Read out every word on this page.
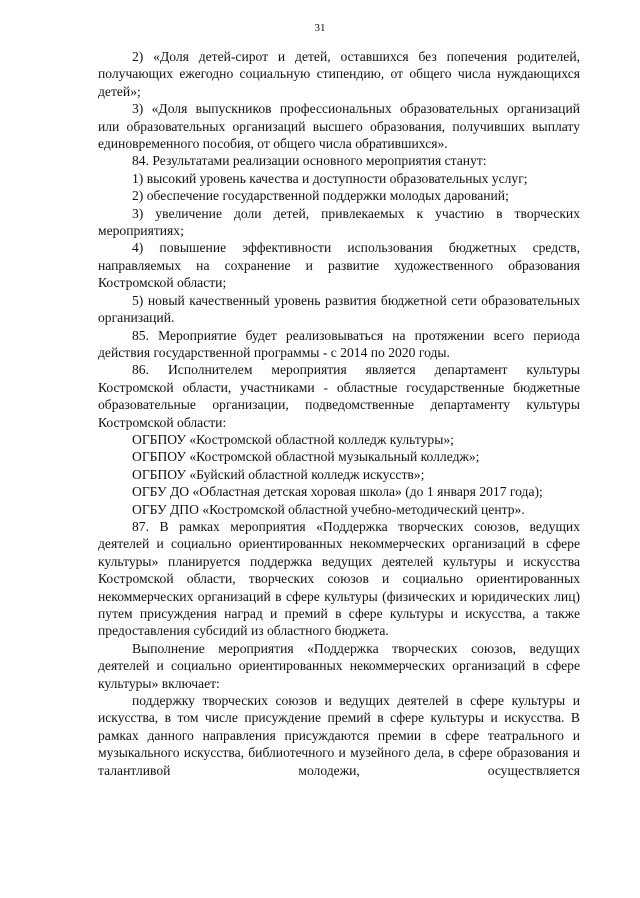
31

2) «Доля детей-сирот и детей, оставшихся без попечения родителей, получающих ежегодно социальную стипендию, от общего числа нуждающихся детей»;

3) «Доля выпускников профессиональных образовательных организаций или образовательных организаций высшего образования, получивших выплату единовременного пособия, от общего числа обратившихся».

84. Результатами реализации основного мероприятия станут:

1) высокий уровень качества и доступности образовательных услуг;

2) обеспечение государственной поддержки молодых дарований;

3) увеличение доли детей, привлекаемых к участию в творческих мероприятиях;

4) повышение эффективности использования бюджетных средств, направляемых на сохранение и развитие художественного образования Костромской области;

5) новый качественный уровень развития бюджетной сети образовательных организаций.

85. Мероприятие будет реализовываться на протяжении всего периода действия государственной программы - с 2014 по 2020 годы.

86. Исполнителем мероприятия является департамент культуры Костромской области, участниками - областные государственные бюджетные образовательные организации, подведомственные департаменту культуры Костромской области:

ОГБПОУ «Костромской областной колледж культуры»;

ОГБПОУ «Костромской областной музыкальный колледж»;

ОГБПОУ «Буйский областной колледж искусств»;

ОГБУ ДО «Областная детская хоровая школа» (до 1 января 2017 года);

ОГБУ ДПО «Костромской областной учебно-методический центр».

87. В рамках мероприятия «Поддержка творческих союзов, ведущих деятелей и социально ориентированных некоммерческих организаций в сфере культуры» планируется поддержка ведущих деятелей культуры и искусства Костромской области, творческих союзов и социально ориентированных некоммерческих организаций в сфере культуры (физических и юридических лиц) путем присуждения наград и премий в сфере культуры и искусства, а также предоставления субсидий из областного бюджета.

Выполнение мероприятия «Поддержка творческих союзов, ведущих деятелей и социально ориентированных некоммерческих организаций в сфере культуры» включает:

поддержку творческих союзов и ведущих деятелей в сфере культуры и искусства, в том числе присуждение премий в сфере культуры и искусства. В рамках данного направления присуждаются премии в сфере театрального и музыкального искусства, библиотечного и музейного дела, в сфере образования и талантливой молодежи, осуществляется
